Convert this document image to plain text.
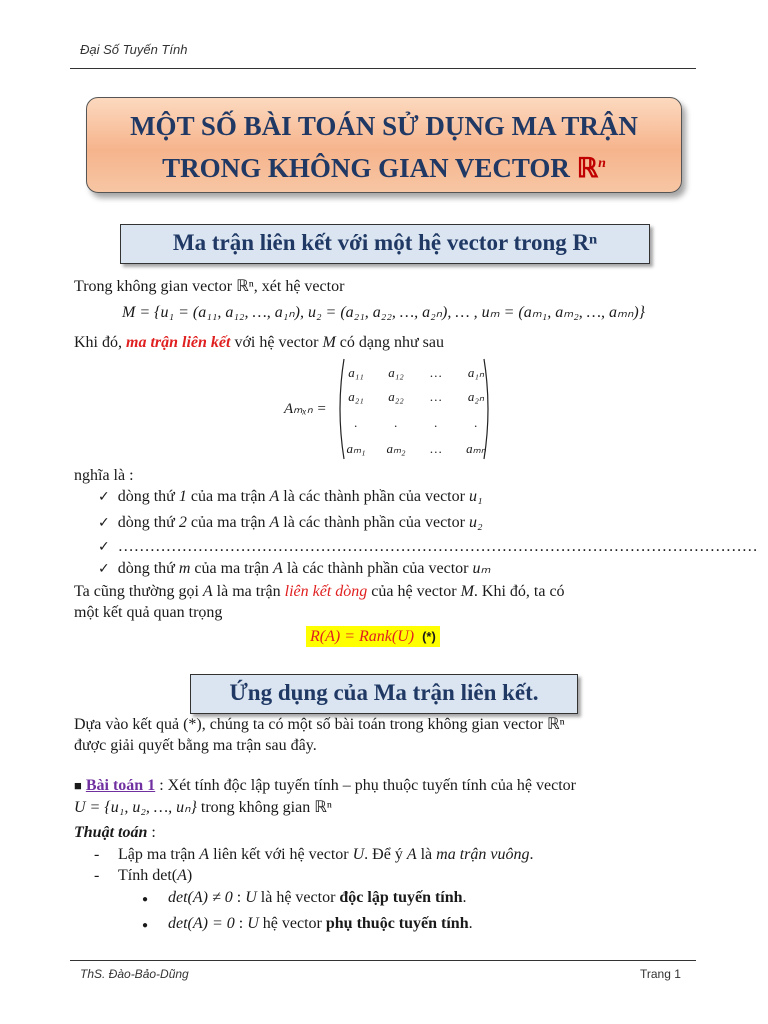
Đại Số Tuyến Tính
MỘT SỐ BÀI TOÁN SỬ DỤNG MA TRẬN
TRONG KHÔNG GIAN VECTOR ℝ$^n$
Ma trận liên kết với một hệ vector trong Rⁿ
Trong không gian vector ℝⁿ, xét hệ vector
M = {u₁ = (a₁₁, a₁₂, …, a₁ₙ), u₂ = (a₂₁, a₂₂, …, a₂ₙ), … , uₘ = (aₘ₁, aₘ₂, …, aₘₙ)}
Khi đó, ma trận liên kết với hệ vector M có dạng như sau
Aₘₓₙ =
a₁₁	a₁₂	…	a₁ₙ
a₂₁	a₂₂	…	a₂ₙ
.	.	.	.
aₘ₁	aₘ₂	…	aₘₙ
nghĩa là :
✓ dòng thứ 1 của ma trận A là các thành phần của vector u₁
✓ dòng thứ 2 của ma trận A là các thành phần của vector u₂
✓ …………………………………………………………………………………………………………
✓ dòng thứ m của ma trận A là các thành phần của vector uₘ
Ta cũng thường gọi A là ma trận liên kết dòng của hệ vector M. Khi đó, ta có
một kết quả quan trọng
R(A) = Rank(U) (*)
Ứng dụng của Ma trận liên kết.
Dựa vào kết quả (*), chúng ta có một số bài toán trong không gian vector ℝⁿ
được giải quyết bằng ma trận sau đây.
■ Bài toán 1 : Xét tính độc lập tuyến tính – phụ thuộc tuyến tính của hệ vector
U = {u₁, u₂, …, uₙ} trong không gian ℝⁿ
Thuật toán :
- Lập ma trận A liên kết với hệ vector U. Để ý A là ma trận vuông.
- Tính det(A)
● det(A) ≠ 0 : U là hệ vector độc lập tuyến tính.
● det(A) = 0 : U hệ vector phụ thuộc tuyến tính.
ThS. Đào-Bảo-Dũng	Trang 1
